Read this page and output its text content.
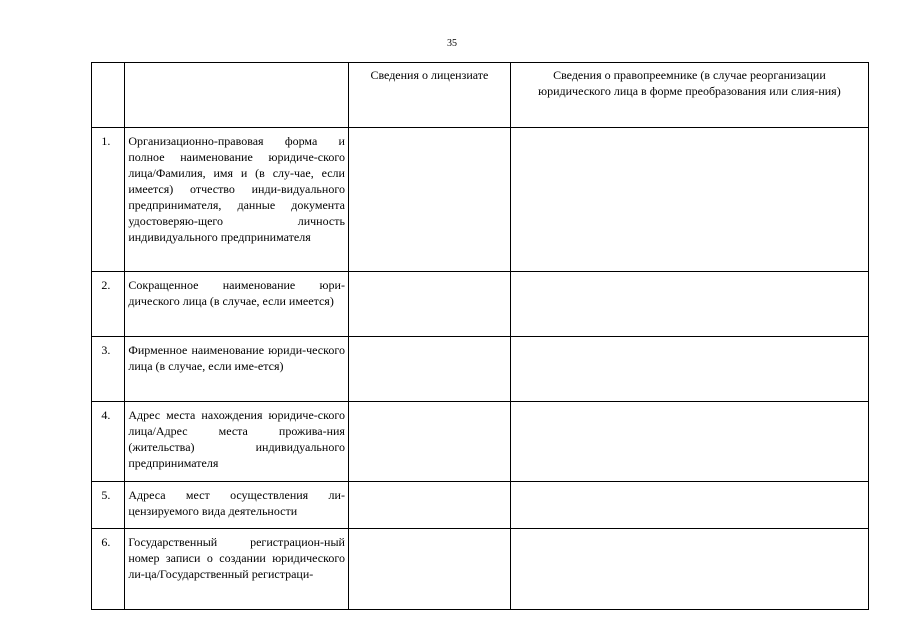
35
		Сведения о лицензиате	Сведения о правопреемнике (в случае реорганизации юридического лица в форме преобразования или слия-ния)
1.	Организационно-правовая форма и полное наименование юридиче-ского лица/Фамилия, имя и (в слу-чае, если имеется) отчество инди-видуального предпринимателя, данные документа удостоверяю-щего личность индивидуального предпринимателя		

2.	Сокращенное наименование юри-дического лица (в случае, если имеется)		

3.	Фирменное наименование юриди-ческого лица (в случае, если име-ется)		

4.	Адрес места нахождения юридиче-ского лица/Адрес места прожива-ния (жительства) индивидуального предпринимателя		

5.	Адреса мест осуществления ли-цензируемого вида деятельности		

6.	Государственный регистрацион-ный номер записи о создании юридического ли-ца/Государственный регистраци-		
